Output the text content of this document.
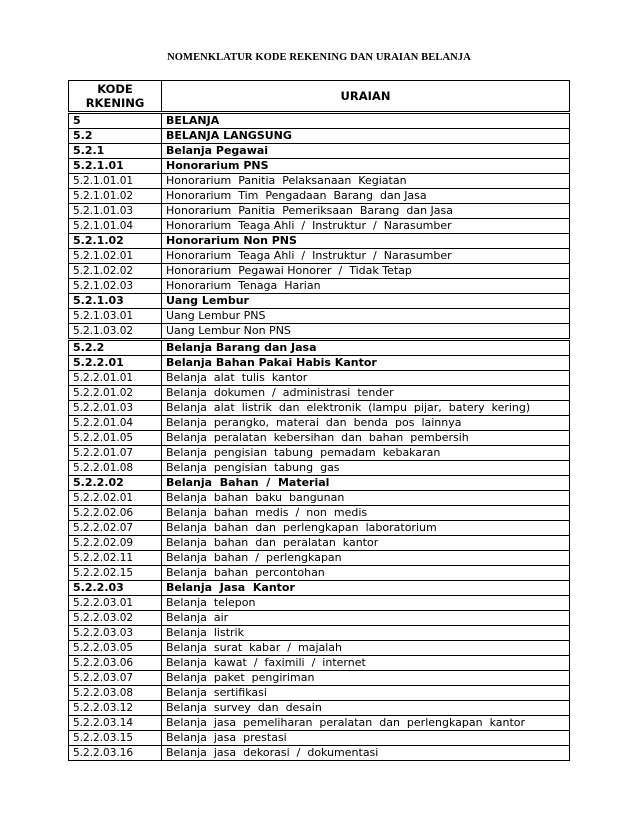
NOMENKLATUR KODE REKENING DAN URAIAN BELANJA
KODE
RKENING	URAIAN
5	BELANJA
5.2	BELANJA LANGSUNG
5.2.1	Belanja Pegawai
5.2.1.01	Honorarium PNS
5.2.1.01.01	Honorarium  Panitia  Pelaksanaan  Kegiatan
5.2.1.01.02	Honorarium  Tim  Pengadaan  Barang  dan Jasa
5.2.1.01.03	Honorarium  Panitia  Pemeriksaan  Barang  dan Jasa
5.2.1.01.04	Honorarium  Teaga Ahli  /  Instruktur  /  Narasumber
5.2.1.02	Honorarium Non PNS
5.2.1.02.01	Honorarium  Teaga Ahli  /  Instruktur  /  Narasumber
5.2.1.02.02	Honorarium  Pegawai Honorer  /  Tidak Tetap
5.2.1.02.03	Honorarium  Tenaga  Harian
5.2.1.03	Uang Lembur
5.2.1.03.01	Uang Lembur PNS
5.2.1.03.02	Uang Lembur Non PNS
5.2.2	Belanja Barang dan Jasa
5.2.2.01	Belanja Bahan Pakai Habis Kantor
5.2.2.01.01	Belanja  alat  tulis  kantor
5.2.2.01.02	Belanja  dokumen  /  administrasi  tender
5.2.2.01.03	Belanja  alat  listrik  dan  elektronik  (lampu  pijar,  batery  kering)
5.2.2.01.04	Belanja  perangko,  materai  dan  benda  pos  lainnya
5.2.2.01.05	Belanja  peralatan  kebersihan  dan  bahan  pembersih
5.2.2.01.07	Belanja  pengisian  tabung  pemadam  kebakaran
5.2.2.01.08	Belanja  pengisian  tabung  gas
5.2.2.02	Belanja  Bahan  /  Material
5.2.2.02.01	Belanja  bahan  baku  bangunan
5.2.2.02.06	Belanja  bahan  medis  /  non  medis
5.2.2.02.07	Belanja  bahan  dan  perlengkapan  laboratorium
5.2.2.02.09	Belanja  bahan  dan  peralatan  kantor
5.2.2.02.11	Belanja  bahan  /  perlengkapan
5.2.2.02.15	Belanja  bahan  percontohan
5.2.2.03	Belanja  Jasa  Kantor
5.2.2.03.01	Belanja  telepon
5.2.2.03.02	Belanja  air
5.2.2.03.03	Belanja  listrik
5.2.2.03.05	Belanja  surat  kabar  /  majalah
5.2.2.03.06	Belanja  kawat  /  faximili  /  internet
5.2.2.03.07	Belanja  paket  pengiriman
5.2.2.03.08	Belanja  sertifikasi
5.2.2.03.12	Belanja  survey  dan  desain
5.2.2.03.14	Belanja  jasa  pemeliharan  peralatan  dan  perlengkapan  kantor
5.2.2.03.15	Belanja  jasa  prestasi
5.2.2.03.16	Belanja  jasa  dekorasi  /  dokumentasi
